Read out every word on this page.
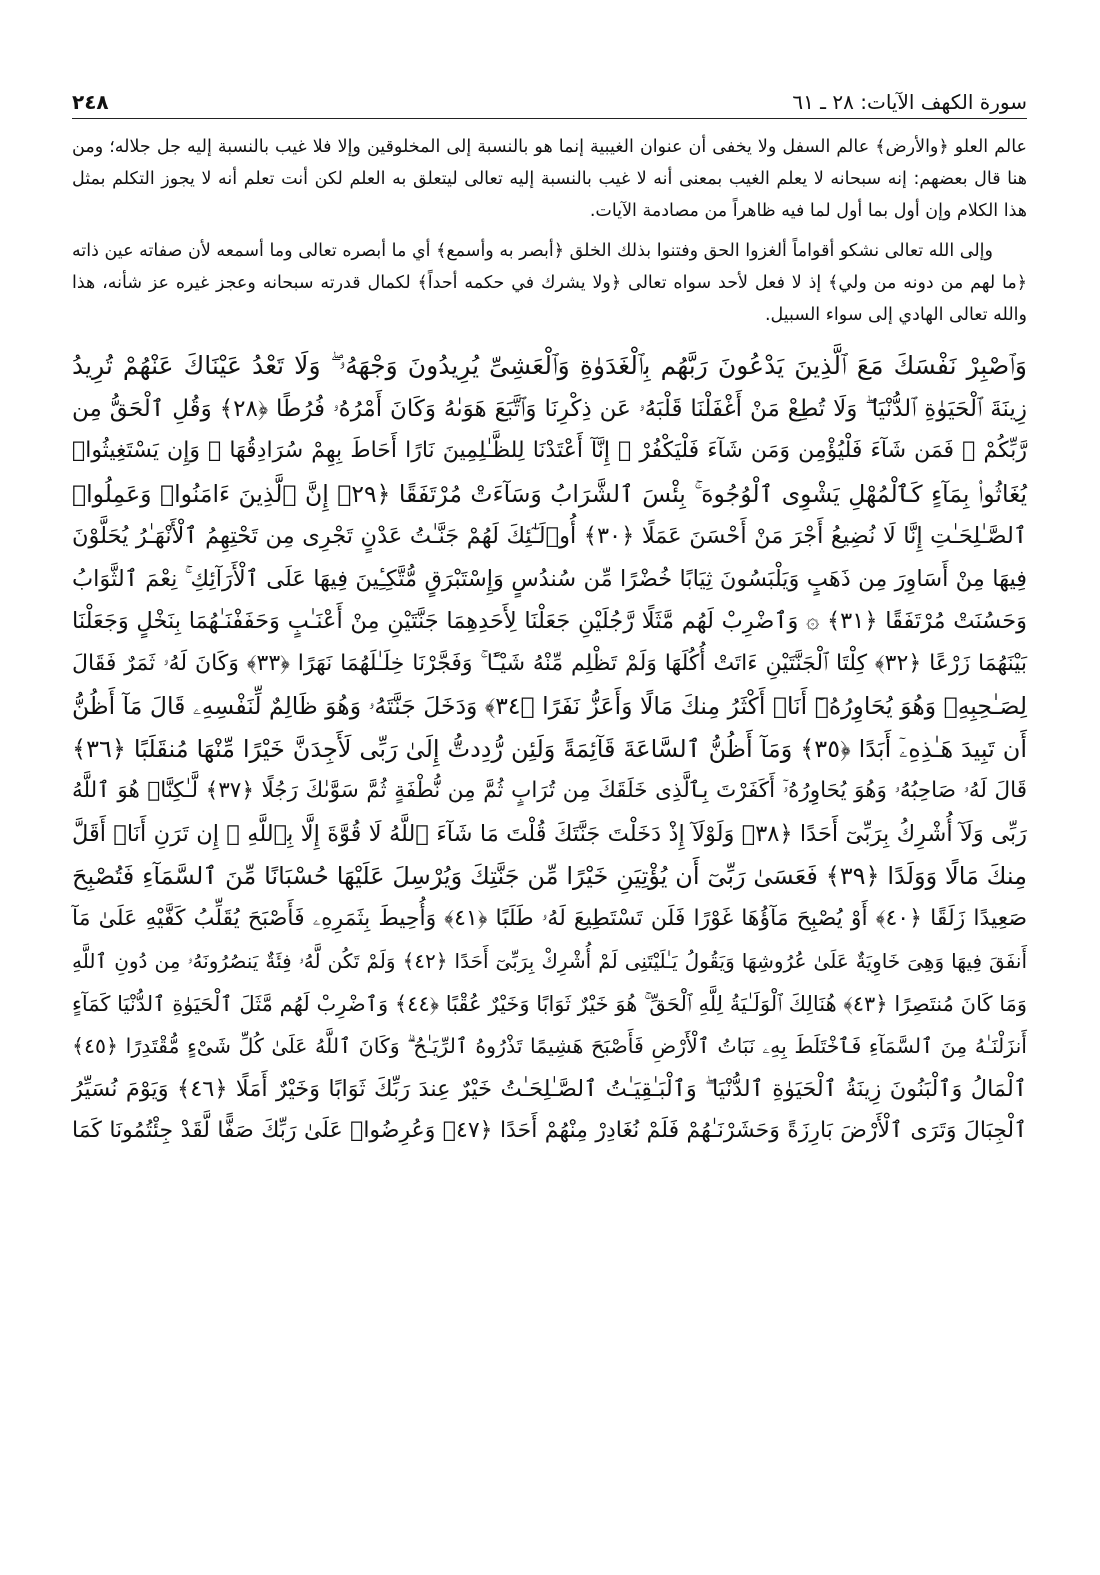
سورة الكهف الآيات: ٢٨ ـ ٦١
٢٤٨

عالم العلو ﴿والأرض﴾ عالم السفل ولا يخفى أن عنوان الغيبية إنما هو بالنسبة إلى المخلوقين وإلا فلا غيب بالنسبة إليه جل جلاله؛ ومن هنا قال بعضهم: إنه سبحانه لا يعلم الغيب بمعنى أنه لا غيب بالنسبة إليه تعالى ليتعلق به العلم لكن أنت تعلم أنه لا يجوز التكلم بمثل هذا الكلام وإن أول بما أول لما فيه ظاهراً من مصادمة الآيات.

وإلى الله تعالى نشكو أقواماً ألغزوا الحق وفتنوا بذلك الخلق ﴿أبصر به وأسمع﴾ أي ما أبصره تعالى وما أسمعه لأن صفاته عين ذاته ﴿ما لهم من دونه من ولي﴾ إذ لا فعل لأحد سواه تعالى ﴿ولا يشرك في حكمه أحداً﴾ لكمال قدرته سبحانه وعجز غيره عز شأنه، هذا والله تعالى الهادي إلى سواء السبيل.

وَٱصْبِرْ نَفْسَكَ مَعَ ٱلَّذِينَ يَدْعُونَ رَبَّهُم بِٱلْغَدَوٰةِ وَٱلْعَشِىِّ يُرِيدُونَ وَجْهَهُۥ ۖ وَلَا تَعْدُ عَيْنَاكَ عَنْهُمْ تُرِيدُ
زِينَةَ ٱلْحَيَوٰةِ ٱلدُّنْيَا ۖ وَلَا تُطِعْ مَنْ أَغْفَلْنَا قَلْبَهُۥ عَن ذِكْرِنَا وَٱتَّبَعَ هَوَىٰهُ وَكَانَ أَمْرُهُۥ فُرُطًا ﴿٢٨﴾ وَقُلِ ٱلْحَقُّ مِن
رَّبِّكُمْ ۖ فَمَن شَآءَ فَلْيُؤْمِن وَمَن شَآءَ فَلْيَكْفُرْ ۚ إِنَّآ أَعْتَدْنَا لِلظَّـٰلِمِينَ نَارًا أَحَاطَ بِهِمْ سُرَادِقُهَا ۚ وَإِن يَسْتَغِيثُوا۟
يُغَاثُوا۟ بِمَآءٍ كَٱلْمُهْلِ يَشْوِى ٱلْوُجُوهَ ۚ بِئْسَ ٱلشَّرَابُ وَسَآءَتْ مُرْتَفَقًا ﴿٢٩﴾ إِنَّ ٱلَّذِينَ ءَامَنُوا۟ وَعَمِلُوا۟
ٱلصَّـٰلِحَـٰتِ إِنَّا لَا نُضِيعُ أَجْرَ مَنْ أَحْسَنَ عَمَلًا ﴿٣٠﴾ أُو۟لَـٰٓئِكَ لَهُمْ جَنَّـٰتُ عَدْنٍ تَجْرِى مِن تَحْتِهِمُ ٱلْأَنْهَـٰرُ يُحَلَّوْنَ
فِيهَا مِنْ أَسَاوِرَ مِن ذَهَبٍ وَيَلْبَسُونَ ثِيَابًا خُضْرًا مِّن سُندُسٍ وَإِسْتَبْرَقٍ مُّتَّكِـِٔينَ فِيهَا عَلَى ٱلْأَرَآئِكِ ۚ نِعْمَ ٱلثَّوَابُ
وَحَسُنَتْ مُرْتَفَقًا ﴿٣١﴾ ۞ وَٱضْرِبْ لَهُم مَّثَلًا رَّجُلَيْنِ جَعَلْنَا لِأَحَدِهِمَا جَنَّتَيْنِ مِنْ أَعْنَـٰبٍ وَحَفَفْنَـٰهُمَا بِنَخْلٍ وَجَعَلْنَا
بَيْنَهُمَا زَرْعًا ﴿٣٢﴾ كِلْتَا ٱلْجَنَّتَيْنِ ءَاتَتْ أُكُلَهَا وَلَمْ تَظْلِم مِّنْهُ شَيْـًٔا ۚ وَفَجَّرْنَا خِلَـٰلَهُمَا نَهَرًا ﴿٣٣﴾ وَكَانَ لَهُۥ ثَمَرٌ فَقَالَ
لِصَـٰحِبِهِۦ وَهُوَ يُحَاوِرُهُۥٓ أَنَا۠ أَكْثَرُ مِنكَ مَالًا وَأَعَزُّ نَفَرًا ﴿٣٤﴾ وَدَخَلَ جَنَّتَهُۥ وَهُوَ ظَالِمٌ لِّنَفْسِهِۦ قَالَ مَآ أَظُنُّ
أَن تَبِيدَ هَـٰذِهِۦٓ أَبَدًا ﴿٣٥﴾ وَمَآ أَظُنُّ ٱلسَّاعَةَ قَآئِمَةً وَلَئِن رُّدِدتُّ إِلَىٰ رَبِّى لَأَجِدَنَّ خَيْرًا مِّنْهَا مُنقَلَبًا ﴿٣٦﴾
قَالَ لَهُۥ صَاحِبُهُۥ وَهُوَ يُحَاوِرُهُۥٓ أَكَفَرْتَ بِٱلَّذِى خَلَقَكَ مِن تُرَابٍ ثُمَّ مِن نُّطْفَةٍ ثُمَّ سَوَّىٰكَ رَجُلًا ﴿٣٧﴾ لَّـٰكِنَّا۠ هُوَ ٱللَّهُ
رَبِّى وَلَآ أُشْرِكُ بِرَبِّىٓ أَحَدًا ﴿٣٨﴾ وَلَوْلَآ إِذْ دَخَلْتَ جَنَّتَكَ قُلْتَ مَا شَآءَ ٱللَّهُ لَا قُوَّةَ إِلَّا بِٱللَّهِ ۚ إِن تَرَنِ أَنَا۠ أَقَلَّ
مِنكَ مَالًا وَوَلَدًا ﴿٣٩﴾ فَعَسَىٰ رَبِّىٓ أَن يُؤْتِيَنِ خَيْرًا مِّن جَنَّتِكَ وَيُرْسِلَ عَلَيْهَا حُسْبَانًا مِّنَ ٱلسَّمَآءِ فَتُصْبِحَ
صَعِيدًا زَلَقًا ﴿٤٠﴾ أَوْ يُصْبِحَ مَآؤُهَا غَوْرًا فَلَن تَسْتَطِيعَ لَهُۥ طَلَبًا ﴿٤١﴾ وَأُحِيطَ بِثَمَرِهِۦ فَأَصْبَحَ يُقَلِّبُ كَفَّيْهِ عَلَىٰ مَآ
أَنفَقَ فِيهَا وَهِىَ خَاوِيَةٌ عَلَىٰ عُرُوشِهَا وَيَقُولُ يَـٰلَيْتَنِى لَمْ أُشْرِكْ بِرَبِّىٓ أَحَدًا ﴿٤٢﴾ وَلَمْ تَكُن لَّهُۥ فِئَةٌ يَنصُرُونَهُۥ مِن دُونِ ٱللَّهِ
وَمَا كَانَ مُنتَصِرًا ﴿٤٣﴾ هُنَالِكَ ٱلْوَلَـٰيَةُ لِلَّهِ ٱلْحَقِّ ۚ هُوَ خَيْرٌ ثَوَابًا وَخَيْرٌ عُقْبًا ﴿٤٤﴾ وَٱضْرِبْ لَهُم مَّثَلَ ٱلْحَيَوٰةِ ٱلدُّنْيَا كَمَآءٍ
أَنزَلْنَـٰهُ مِنَ ٱلسَّمَآءِ فَٱخْتَلَطَ بِهِۦ نَبَاتُ ٱلْأَرْضِ فَأَصْبَحَ هَشِيمًا تَذْرُوهُ ٱلرِّيَـٰحُ ۗ وَكَانَ ٱللَّهُ عَلَىٰ كُلِّ شَىْءٍ مُّقْتَدِرًا ﴿٤٥﴾
ٱلْمَالُ وَٱلْبَنُونَ زِينَةُ ٱلْحَيَوٰةِ ٱلدُّنْيَا ۖ وَٱلْبَـٰقِيَـٰتُ ٱلصَّـٰلِحَـٰتُ خَيْرٌ عِندَ رَبِّكَ ثَوَابًا وَخَيْرٌ أَمَلًا ﴿٤٦﴾ وَيَوْمَ نُسَيِّرُ
ٱلْجِبَالَ وَتَرَى ٱلْأَرْضَ بَارِزَةً وَحَشَرْنَـٰهُمْ فَلَمْ نُغَادِرْ مِنْهُمْ أَحَدًا ﴿٤٧﴾ وَعُرِضُوا۟ عَلَىٰ رَبِّكَ صَفًّا لَّقَدْ جِئْتُمُونَا كَمَا
